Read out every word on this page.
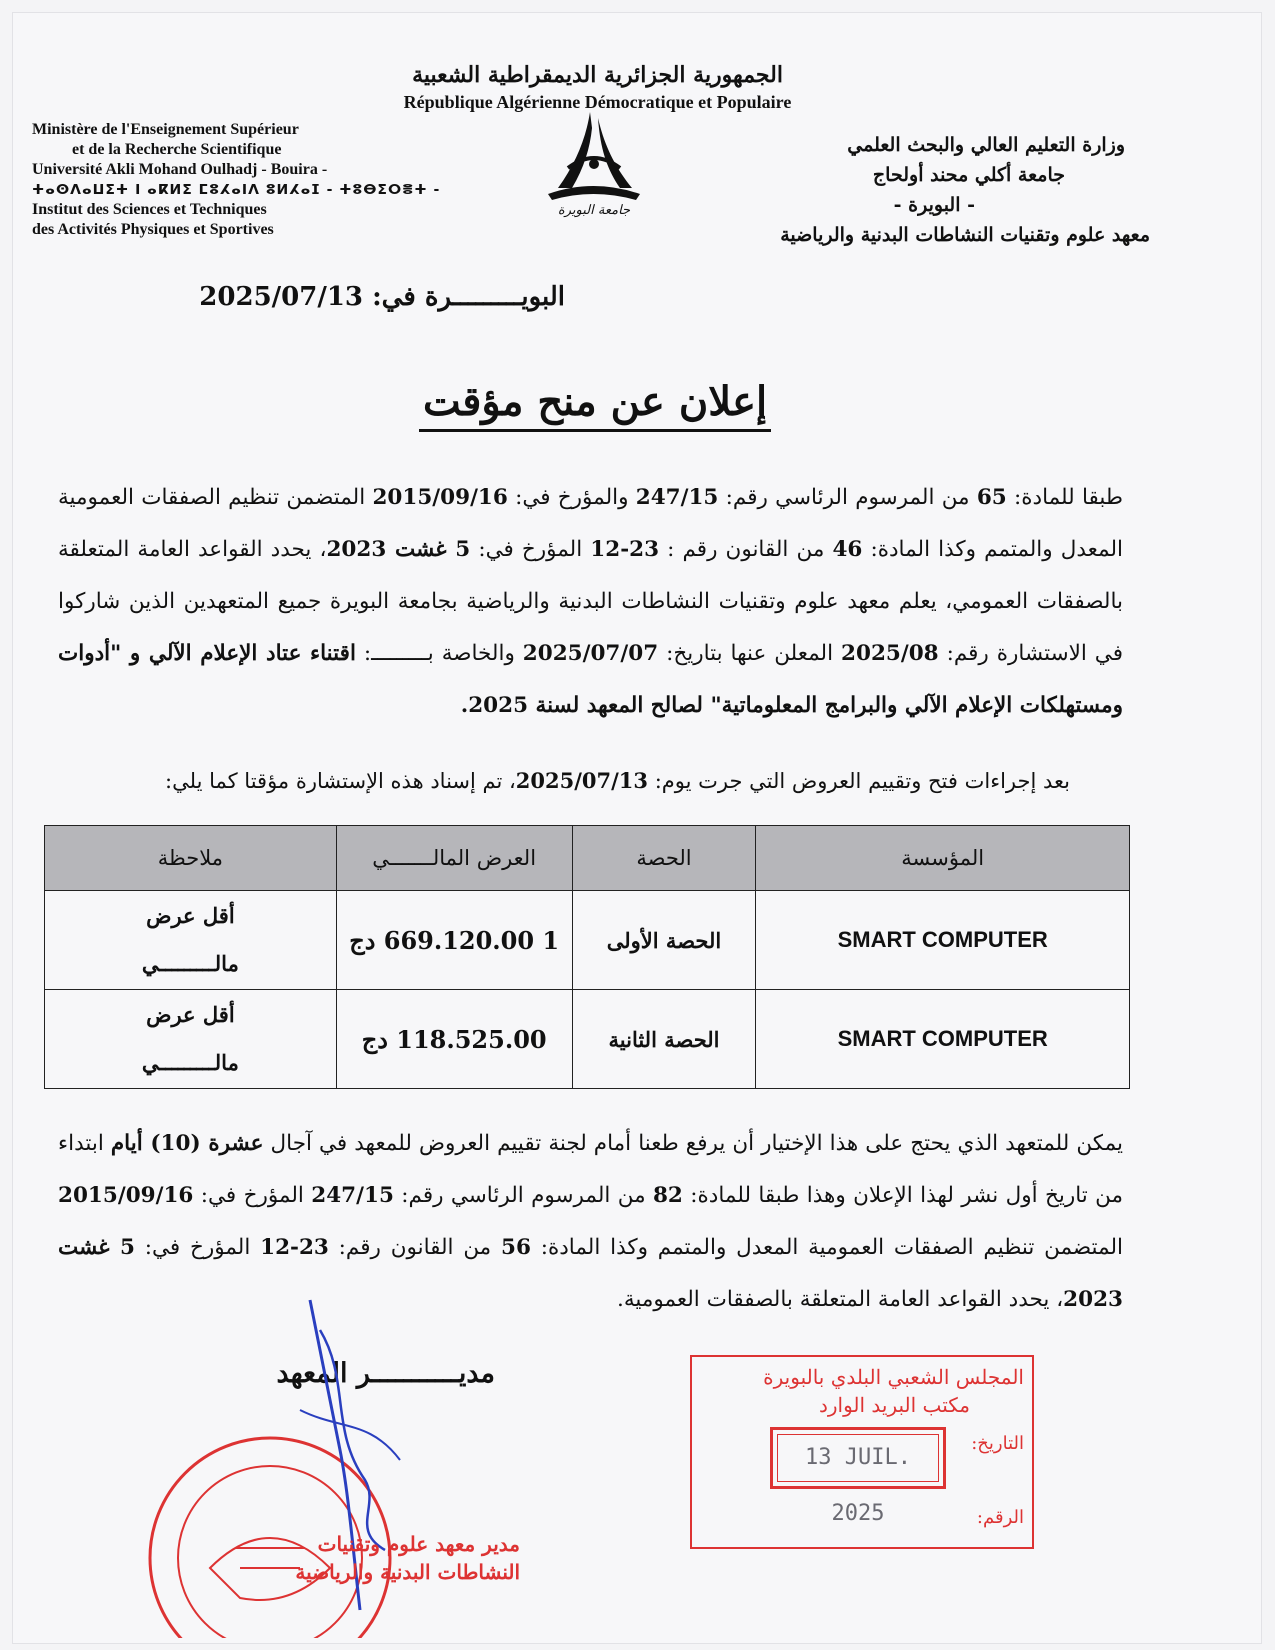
الجمهورية الجزائرية الديمقراطية الشعبية
République Algérienne Démocratique et Populaire
Ministère de l'Enseignement Supérieur
et de la Recherche Scientifique
Université Akli Mohand Oulhadj - Bouira -
ⵜⴰⵙⴷⴰⵡⵉⵜ ⵏ ⴰⴽⵍⵉ ⵎⵓⵃⴰⵏⴷ ⵓⵍⵃⴰⵊ - ⵜⵓⴱⵉⵔⴻⵜ -
Institut des Sciences et Techniques
des Activités Physiques et Sportives
وزارة التعليم العالي والبحث العلمي
جامعة أكلي محند أولحاج
- البويرة -
معهد علوم وتقنيات النشاطات البدنية والرياضية
جامعة البويرة
البويـــــــــرة في: 2025/07/13
إعلان عن منح مؤقت
طبقا للمادة: 65 من المرسوم الرئاسي رقم: 247/15 والمؤرخ في: 2015/09/16 المتضمن تنظيم الصفقات العمومية المعدل والمتمم وكذا المادة: 46 من القانون رقم : 23-12 المؤرخ في: 5 غشت 2023، يحدد القواعد العامة المتعلقة بالصفقات العمومي، يعلم معهد علوم وتقنيات النشاطات البدنية والرياضية بجامعة البويرة جميع المتعهدين الذين شاركوا في الاستشارة رقم: 2025/08 المعلن عنها بتاريخ: 2025/07/07 والخاصة بـــــــــ: اقتناء عتاد الإعلام الآلي و "أدوات ومستهلكات الإعلام الآلي والبرامج المعلوماتية" لصالح المعهد لسنة 2025.
بعد إجراءات فتح وتقييم العروض التي جرت يوم: 2025/07/13، تم إسناد هذه الإستشارة مؤقتا كما يلي:
المؤسسة	الحصة	العرض المالـــــــي	ملاحظة
SMART COMPUTER	الحصة الأولى	1 669.120.00 دج	أقل عرض
مالـــــــــي

SMART COMPUTER	الحصة الثانية	118.525.00 دج	أقل عرض
مالـــــــــي
يمكن للمتعهد الذي يحتج على هذا الإختيار أن يرفع طعنا أمام لجنة تقييم العروض للمعهد في آجال عشرة (10) أيام ابتداء من تاريخ أول نشر لهذا الإعلان وهذا طبقا للمادة: 82 من المرسوم الرئاسي رقم: 247/15 المؤرخ في: 2015/09/16 المتضمن تنظيم الصفقات العمومية المعدل والمتمم وكذا المادة: 56 من القانون رقم: 23-12 المؤرخ في: 5 غشت 2023، يحدد القواعد العامة المتعلقة بالصفقات العمومية.
مديـــــــــــر المعهد
مدير معهد علوم وتقنيات
النشاطات البدنية والرياضية
المجلس الشعبي البلدي بالبويرة
مكتب البريد الوارد
التاريخ:
13 JUIL. 2025	الرقم:
